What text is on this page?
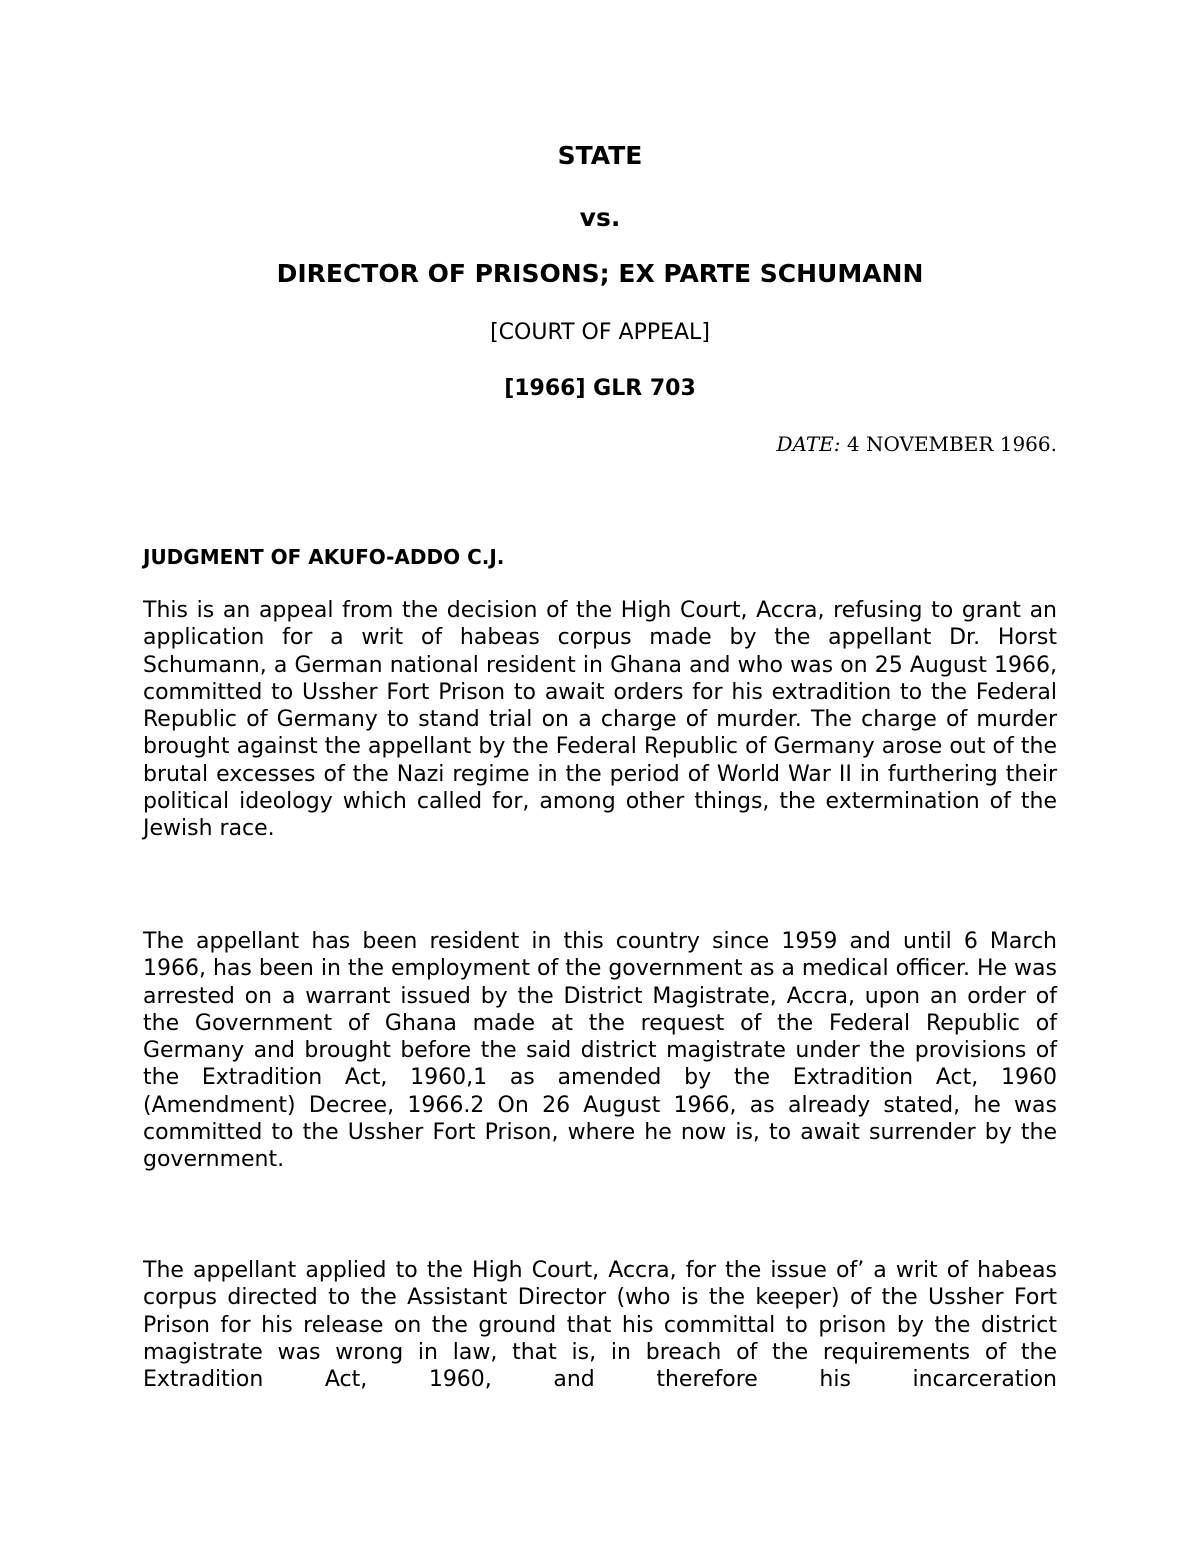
STATE
vs.
DIRECTOR OF PRISONS; EX PARTE SCHUMANN
[COURT OF APPEAL]
[1966] GLR 703
DATE: 4 NOVEMBER 1966.
JUDGMENT OF AKUFO-ADDO C.J.

This is an appeal from the decision of the High Court, Accra, refusing to grant an application for a writ of habeas corpus made by the appellant Dr. Horst Schumann, a German national resident in Ghana and who was on 25 August 1966, committed to Ussher Fort Prison to await orders for his extradition to the Federal Republic of Germany to stand trial on a charge of murder. The charge of murder brought against the appellant by the Federal Republic of Germany arose out of the brutal excesses of the Nazi regime in the period of World War II in furthering their political ideology which called for, among other things, the extermination of the Jewish race.

The appellant has been resident in this country since 1959 and until 6 March 1966, has been in the employment of the government as a medical officer. He was arrested on a warrant issued by the District Magistrate, Accra, upon an order of the Government of Ghana made at the request of the Federal Republic of Germany and brought before the said district magistrate under the provisions of the Extradition Act, 1960,1 as amended by the Extradition Act, 1960 (Amendment) Decree, 1966.2 On 26 August 1966, as already stated, he was committed to the Ussher Fort Prison, where he now is, to await surrender by the government.

The appellant applied to the High Court, Accra, for the issue of’ a writ of habeas corpus directed to the Assistant Director (who is the keeper) of the Ussher Fort Prison for his release on the ground that his committal to prison by the district magistrate was wrong in law, that is, in breach of the requirements of the Extradition Act, 1960, and therefore his incarceration
